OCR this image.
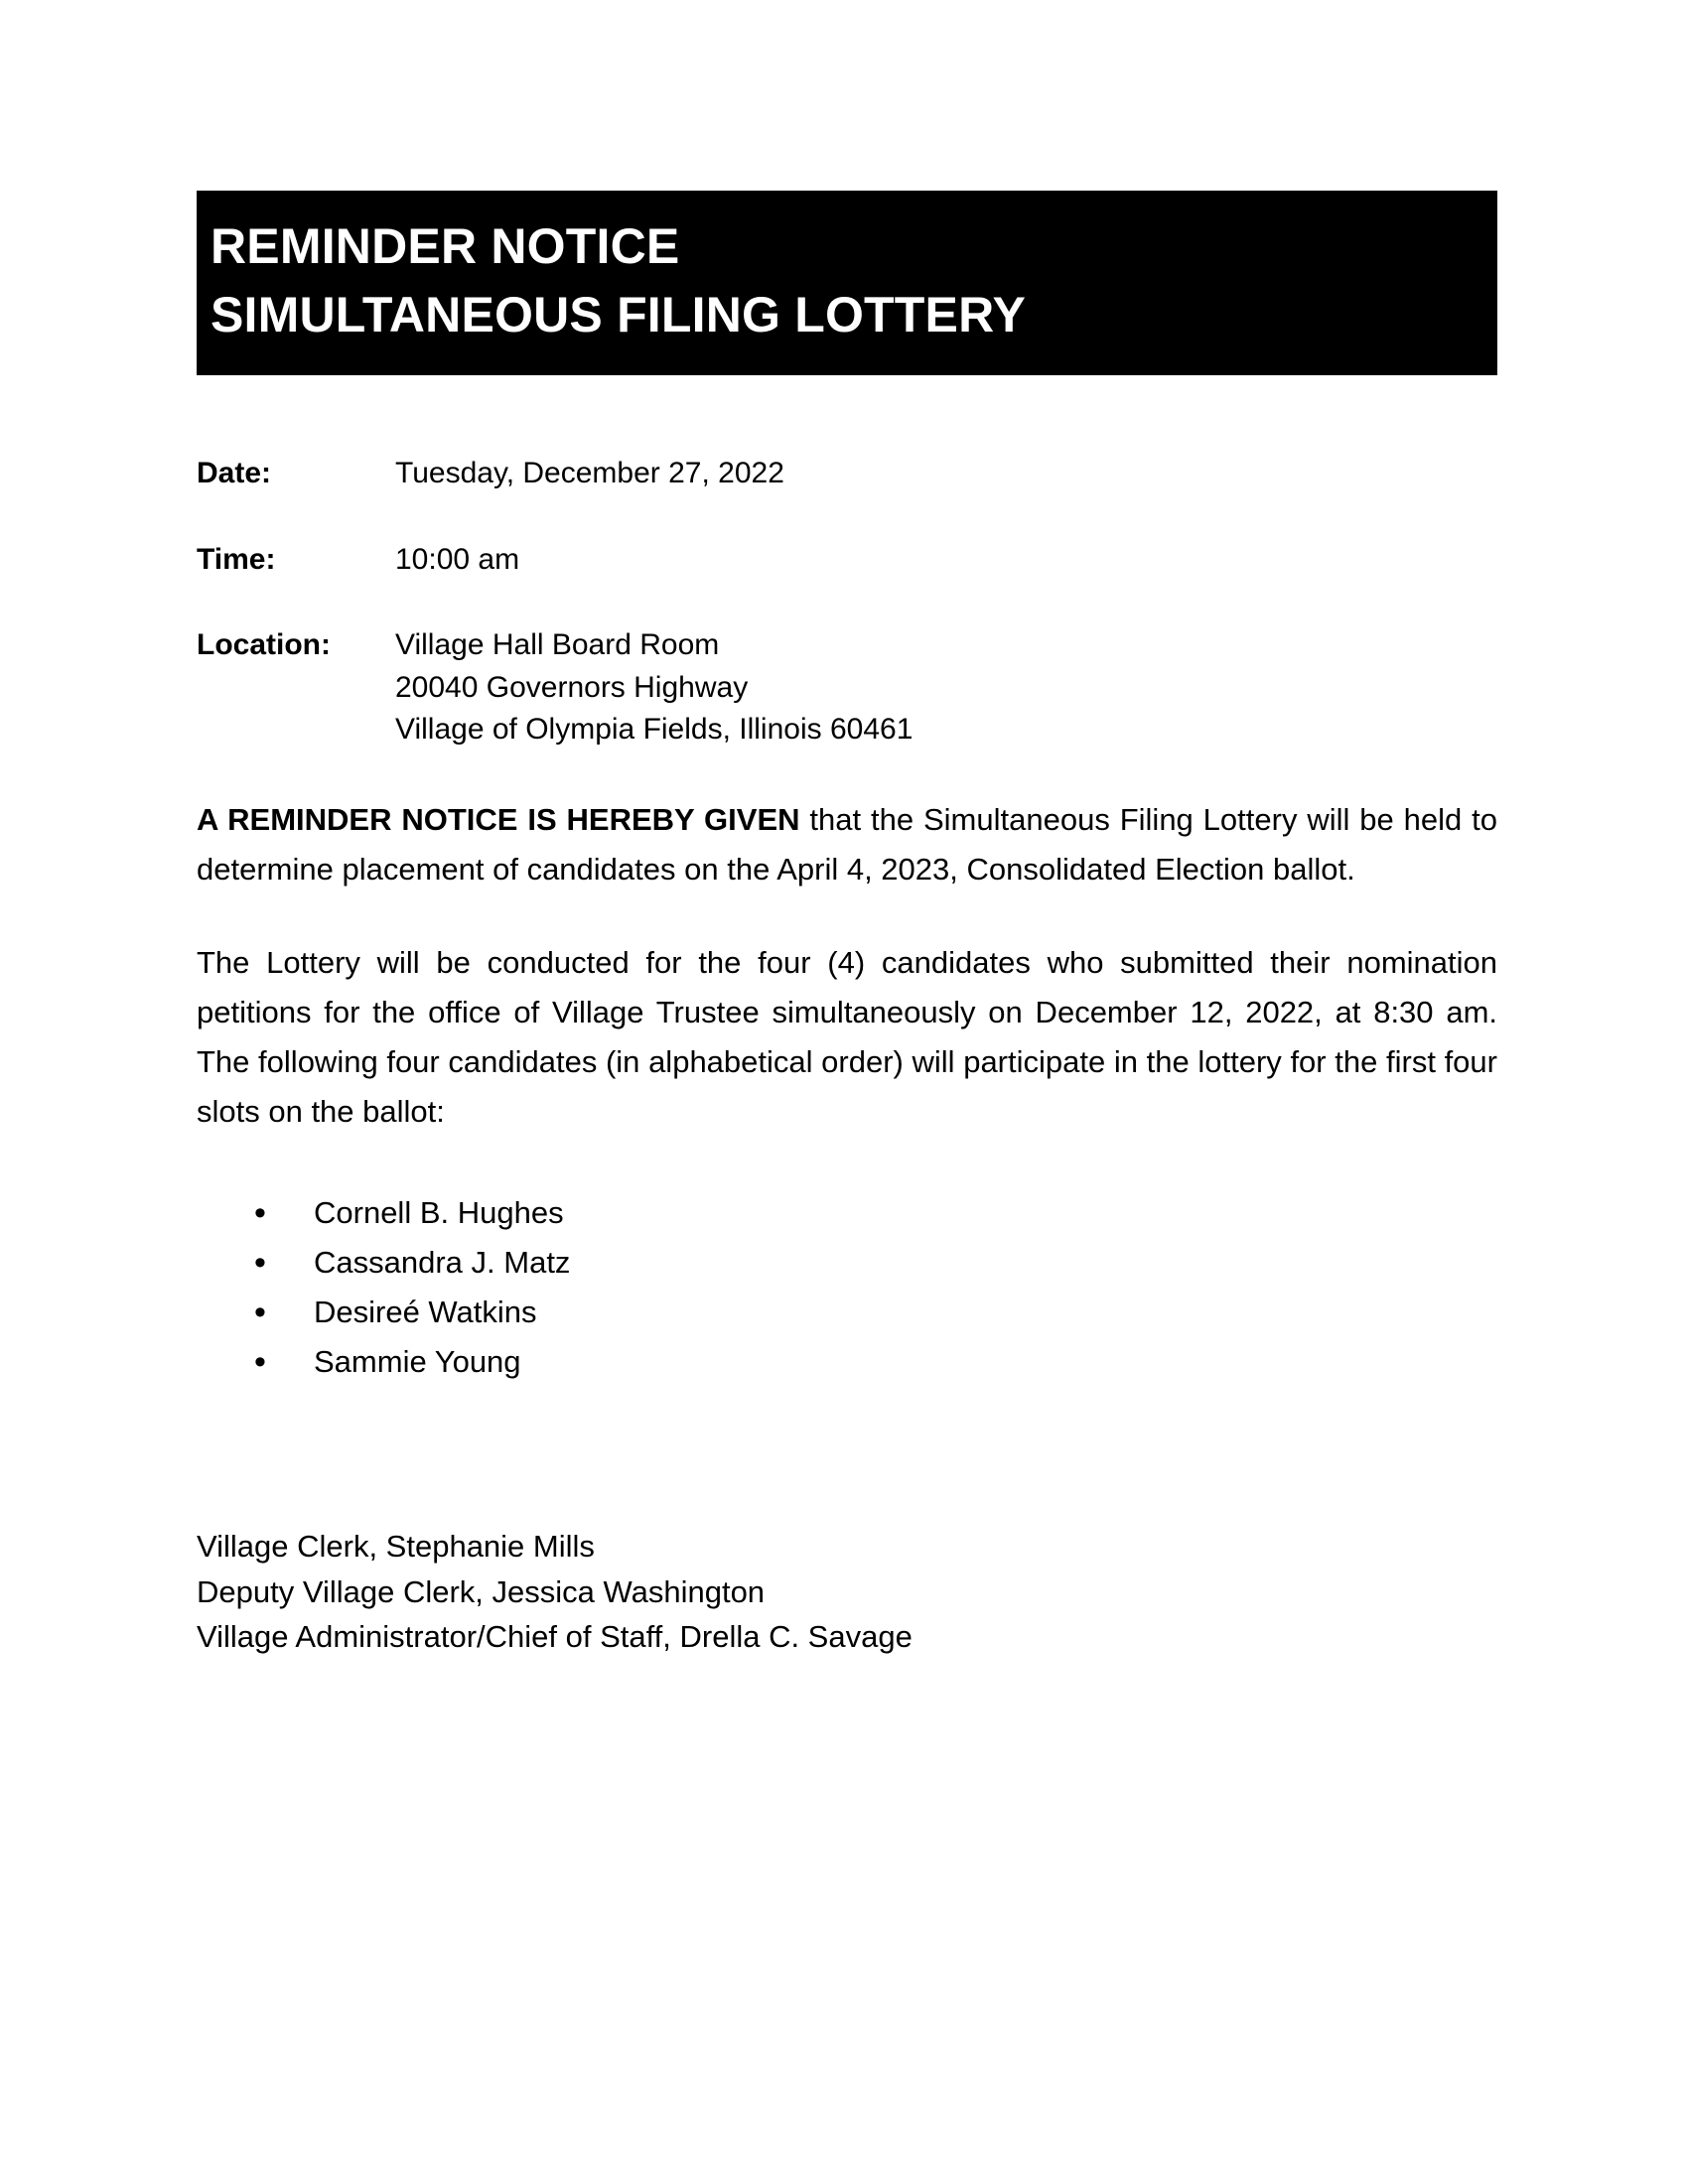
REMINDER NOTICE
SIMULTANEOUS FILING LOTTERY
Date:	Tuesday, December 27, 2022
Time:	10:00 am
Location:	Village Hall Board Room
20040 Governors Highway
Village of Olympia Fields, Illinois 60461

A REMINDER NOTICE IS HEREBY GIVEN that the Simultaneous Filing Lottery will be held to determine placement of candidates on the April 4, 2023, Consolidated Election ballot.

The Lottery will be conducted for the four (4) candidates who submitted their nomination petitions for the office of Village Trustee simultaneously on December 12, 2022, at 8:30 am. The following four candidates (in alphabetical order) will participate in the lottery for the first four slots on the ballot:

• Cornell B. Hughes
• Cassandra J. Matz
• Desireé Watkins
• Sammie Young
Village Clerk, Stephanie Mills
Deputy Village Clerk, Jessica Washington
Village Administrator/Chief of Staff, Drella C. Savage
